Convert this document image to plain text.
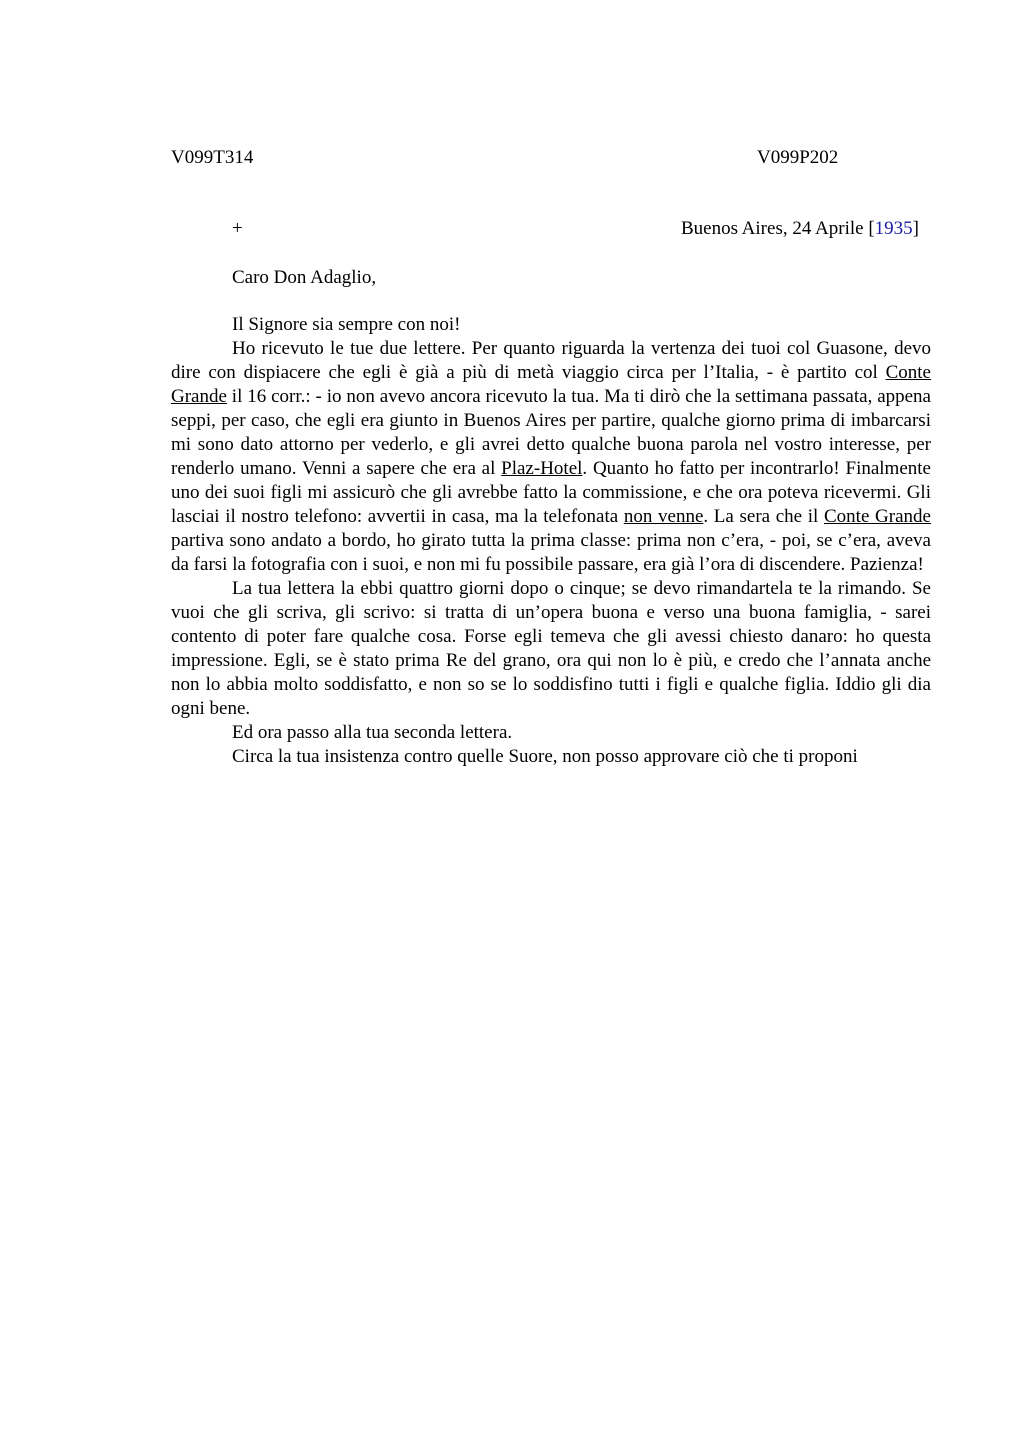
V099T314	V099P202
+	Buenos Aires, 24 Aprile [1935]
Caro Don Adaglio,

Il Signore sia sempre con noi!

Ho ricevuto le tue due lettere. Per quanto riguarda la vertenza dei tuoi col Guasone, devo dire con dispiacere che egli è già a più di metà viaggio circa per l’Italia, - è partito col Conte Grande il 16 corr.: - io non avevo ancora ricevuto la tua. Ma ti dirò che la settimana passata, appena seppi, per caso, che egli era giunto in Buenos Aires per partire, qualche giorno prima di imbarcarsi mi sono dato attorno per vederlo, e gli avrei detto qualche buona parola nel vostro interesse, per renderlo umano. Venni a sapere che era al Plaz-Hotel. Quanto ho fatto per incontrarlo! Finalmente uno dei suoi figli mi assicurò che gli avrebbe fatto la commissione, e che ora poteva ricevermi. Gli lasciai il nostro telefono: avvertii in casa, ma la telefonata non venne. La sera che il Conte Grande partiva sono andato a bordo, ho girato tutta la prima classe: prima non c’era, - poi, se c’era, aveva da farsi la fotografia con i suoi, e non mi fu possibile passare, era già l’ora di discendere. Pazienza!

La tua lettera la ebbi quattro giorni dopo o cinque; se devo rimandartela te la rimando. Se vuoi che gli scriva, gli scrivo: si tratta di un’opera buona e verso una buona famiglia, - sarei contento di poter fare qualche cosa. Forse egli temeva che gli avessi chiesto danaro: ho questa impressione. Egli, se è stato prima Re del grano, ora qui non lo è più, e credo che l’annata anche non lo abbia molto soddisfatto, e non so se lo soddisfino tutti i figli e qualche figlia. Iddio gli dia ogni bene.

Ed ora passo alla tua seconda lettera.

Circa la tua insistenza contro quelle Suore, non posso approvare ciò che ti proponi
